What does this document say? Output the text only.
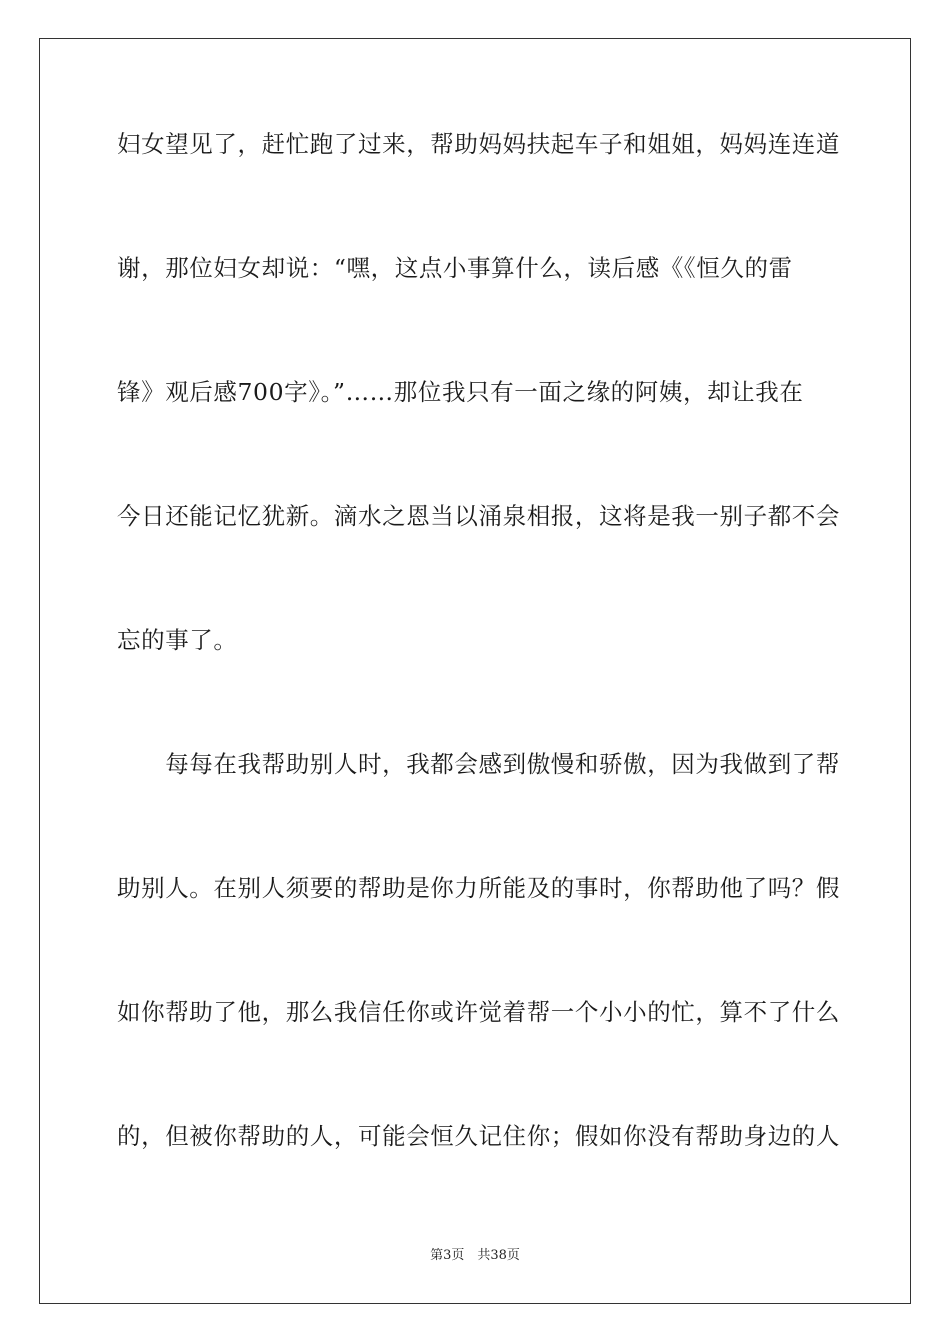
妇女望见了，赶忙跑了过来，帮助妈妈扶起车子和姐姐，妈妈连连道
谢，那位妇女却说：“嘿，这点小事算什么，读后感《《恒久的雷
锋》观后感700字》。”……那位我只有一面之缘的阿姨，却让我在
今日还能记忆犹新。滴水之恩当以涌泉相报，这将是我一别子都不会
忘的事了。
　　每每在我帮助别人时，我都会感到傲慢和骄傲，因为我做到了帮
助别人。在别人须要的帮助是你力所能及的事时，你帮助他了吗？假
如你帮助了他，那么我信任你或许觉着帮一个小小的忙，算不了什么
的，但被你帮助的人，可能会恒久记住你；假如你没有帮助身边的人
第3页　共38页
